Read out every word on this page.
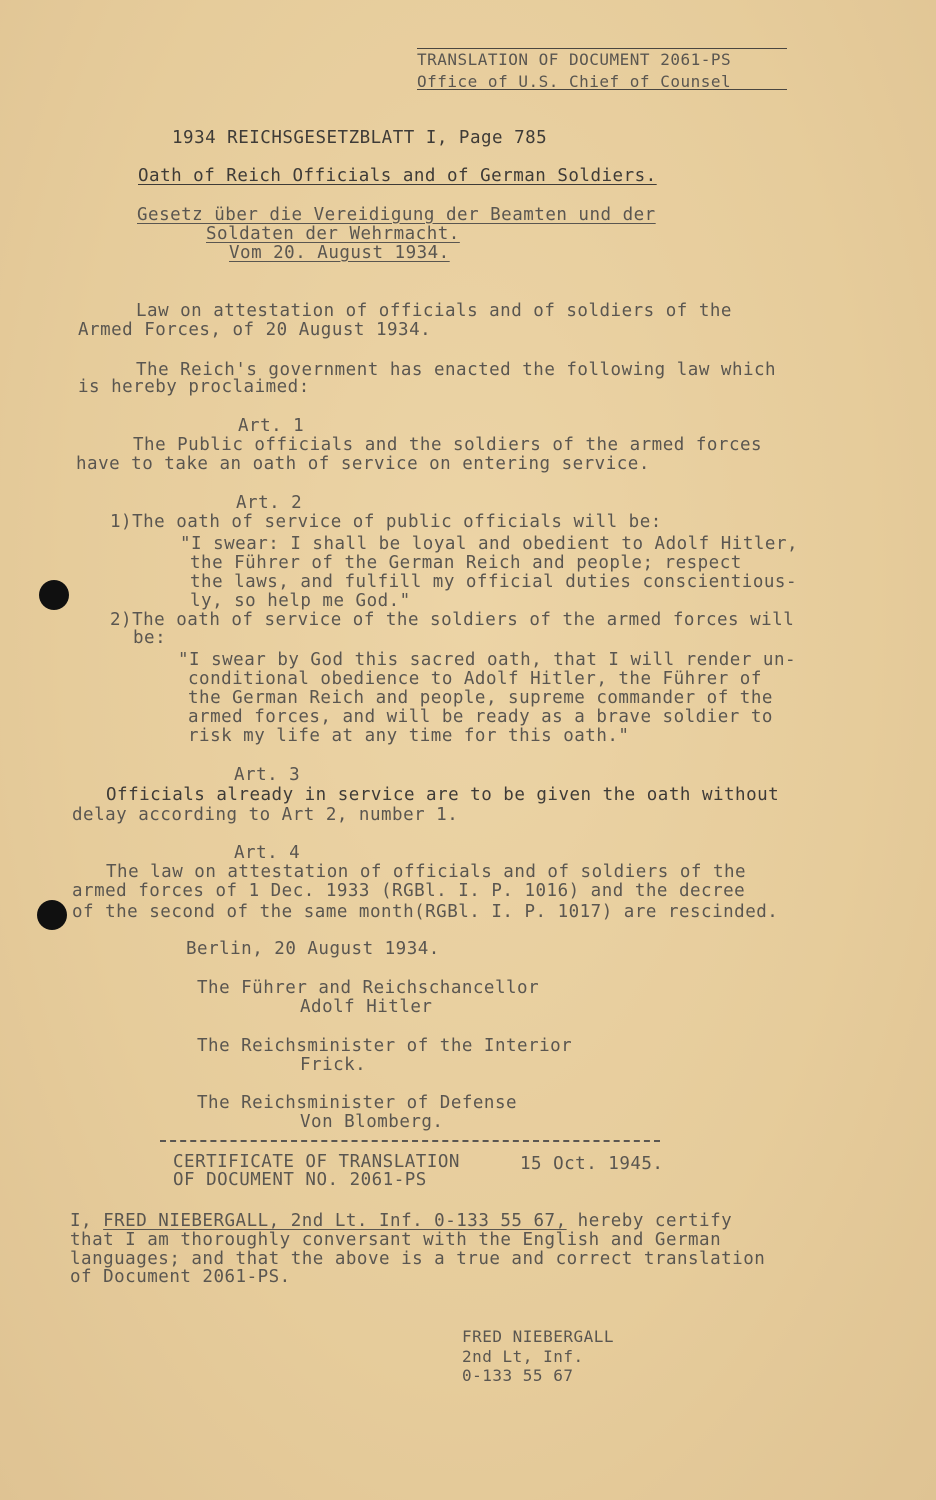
TRANSLATION OF DOCUMENT 2061-PS
Office of U.S. Chief of Counsel
1934 REICHSGESETZBLATT I, Page 785
Oath of Reich Officials and of German Soldiers.
Gesetz über die Vereidigung der Beamten und der
Soldaten der Wehrmacht.
Vom 20. August 1934.
Law on attestation of officials and of soldiers of the
Armed Forces, of 20 August 1934.
The Reich's government has enacted the following law which
is hereby proclaimed:
Art. 1
The Public officials and the soldiers of the armed forces
have to take an oath of service on entering service.
Art. 2
1)The oath of service of public officials will be:
"I swear: I shall be loyal and obedient to Adolf Hitler,
the Führer of the German Reich and people; respect
the laws, and fulfill my official duties conscientious-
ly, so help me God."
2)The oath of service of the soldiers of the armed forces will
be:
"I swear by God this sacred oath, that I will render un-
conditional obedience to Adolf Hitler, the Führer of
the German Reich and people, supreme commander of the
armed forces, and will be ready as a brave soldier to
risk my life at any time for this oath."
Art. 3
Officials already in service are to be given the oath without
delay according to Art 2, number 1.
Art. 4
The law on attestation of officials and of soldiers of the
armed forces of 1 Dec. 1933 (RGBl. I. P. 1016) and the decree
of the second of the same month(RGBl. I. P. 1017) are rescinded.
Berlin, 20 August 1934.
The Führer and Reichschancellor
Adolf Hitler
The Reichsminister of the Interior
Frick.
The Reichsminister of Defense
Von Blomberg.
CERTIFICATE OF TRANSLATION	15 Oct. 1945.
OF DOCUMENT NO. 2061-PS
I, FRED NIEBERGALL, 2nd Lt. Inf. 0-133 55 67, hereby certify
that I am thoroughly conversant with the English and German
languages; and that the above is a true and correct translation
of Document 2061-PS.
FRED NIEBERGALL
2nd Lt, Inf.
0-133 55 67
